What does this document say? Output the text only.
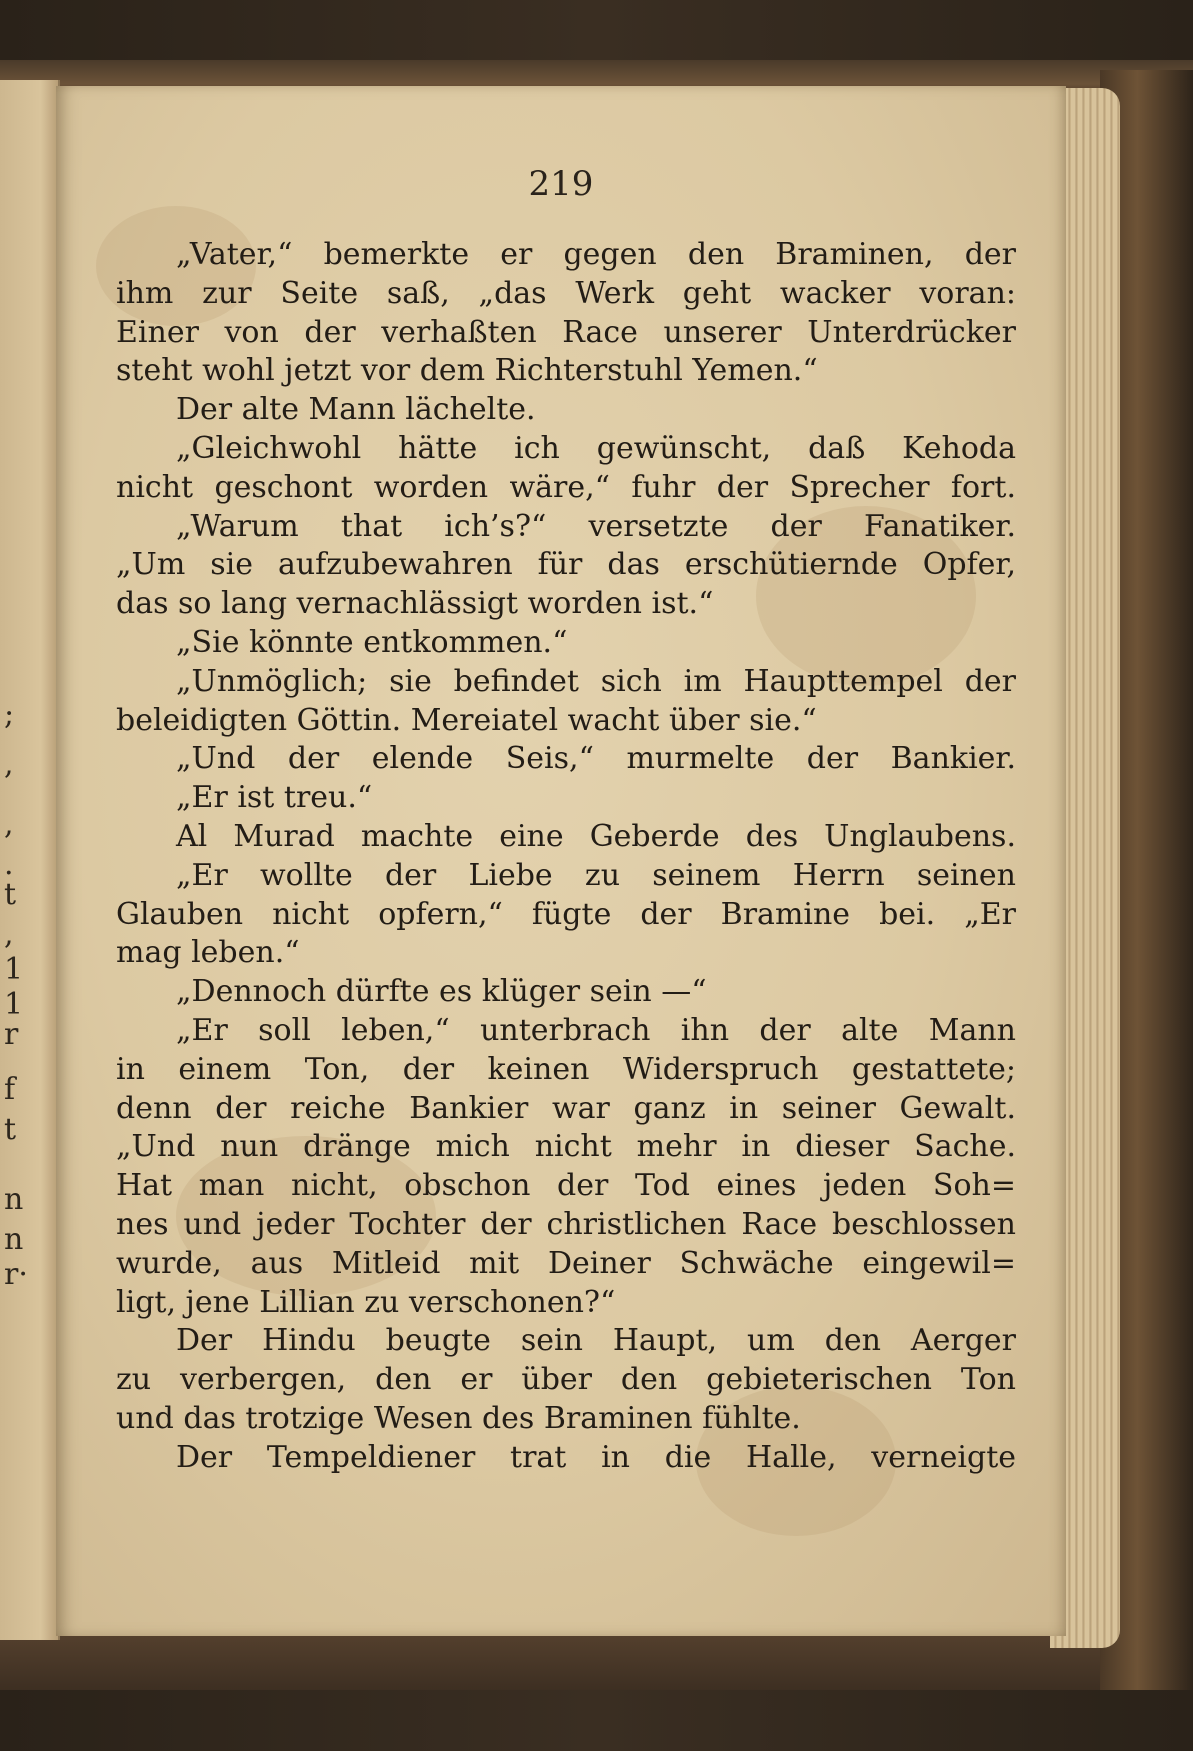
;
,
,
.
t
,
1
1
r
f
t
n
n
r·
219
„Vater,“ bemerkte er gegen den Braminen, der
ihm zur Seite saß, „das Werk geht wacker voran:
Einer von der verhaßten Race unserer Unterdrücker
steht wohl jetzt vor dem Richterstuhl Yemen.“
Der alte Mann lächelte.
„Gleichwohl hätte ich gewünscht, daß Kehoda
nicht geschont worden wäre,“ fuhr der Sprecher fort.
„Warum that ich’s?“ versetzte der Fanatiker.
„Um sie aufzubewahren für das erschütiernde Opfer,
das so lang vernachlässigt worden ist.“
„Sie könnte entkommen.“
„Unmöglich; sie befindet sich im Haupttempel der
beleidigten Göttin. Mereiatel wacht über sie.“
„Und der elende Seis,“ murmelte der Bankier.
„Er ist treu.“
Al Murad machte eine Geberde des Unglaubens.
„Er wollte der Liebe zu seinem Herrn seinen
Glauben nicht opfern,“ fügte der Bramine bei. „Er
mag leben.“
„Dennoch dürfte es klüger sein —“
„Er soll leben,“ unterbrach ihn der alte Mann
in einem Ton, der keinen Widerspruch gestattete;
denn der reiche Bankier war ganz in seiner Gewalt.
„Und nun dränge mich nicht mehr in dieser Sache.
Hat man nicht, obschon der Tod eines jeden Soh=
nes und jeder Tochter der christlichen Race beschlossen
wurde, aus Mitleid mit Deiner Schwäche eingewil=
ligt, jene Lillian zu verschonen?“
Der Hindu beugte sein Haupt, um den Aerger
zu verbergen, den er über den gebieterischen Ton
und das trotzige Wesen des Braminen fühlte.
Der Tempeldiener trat in die Halle, verneigte
